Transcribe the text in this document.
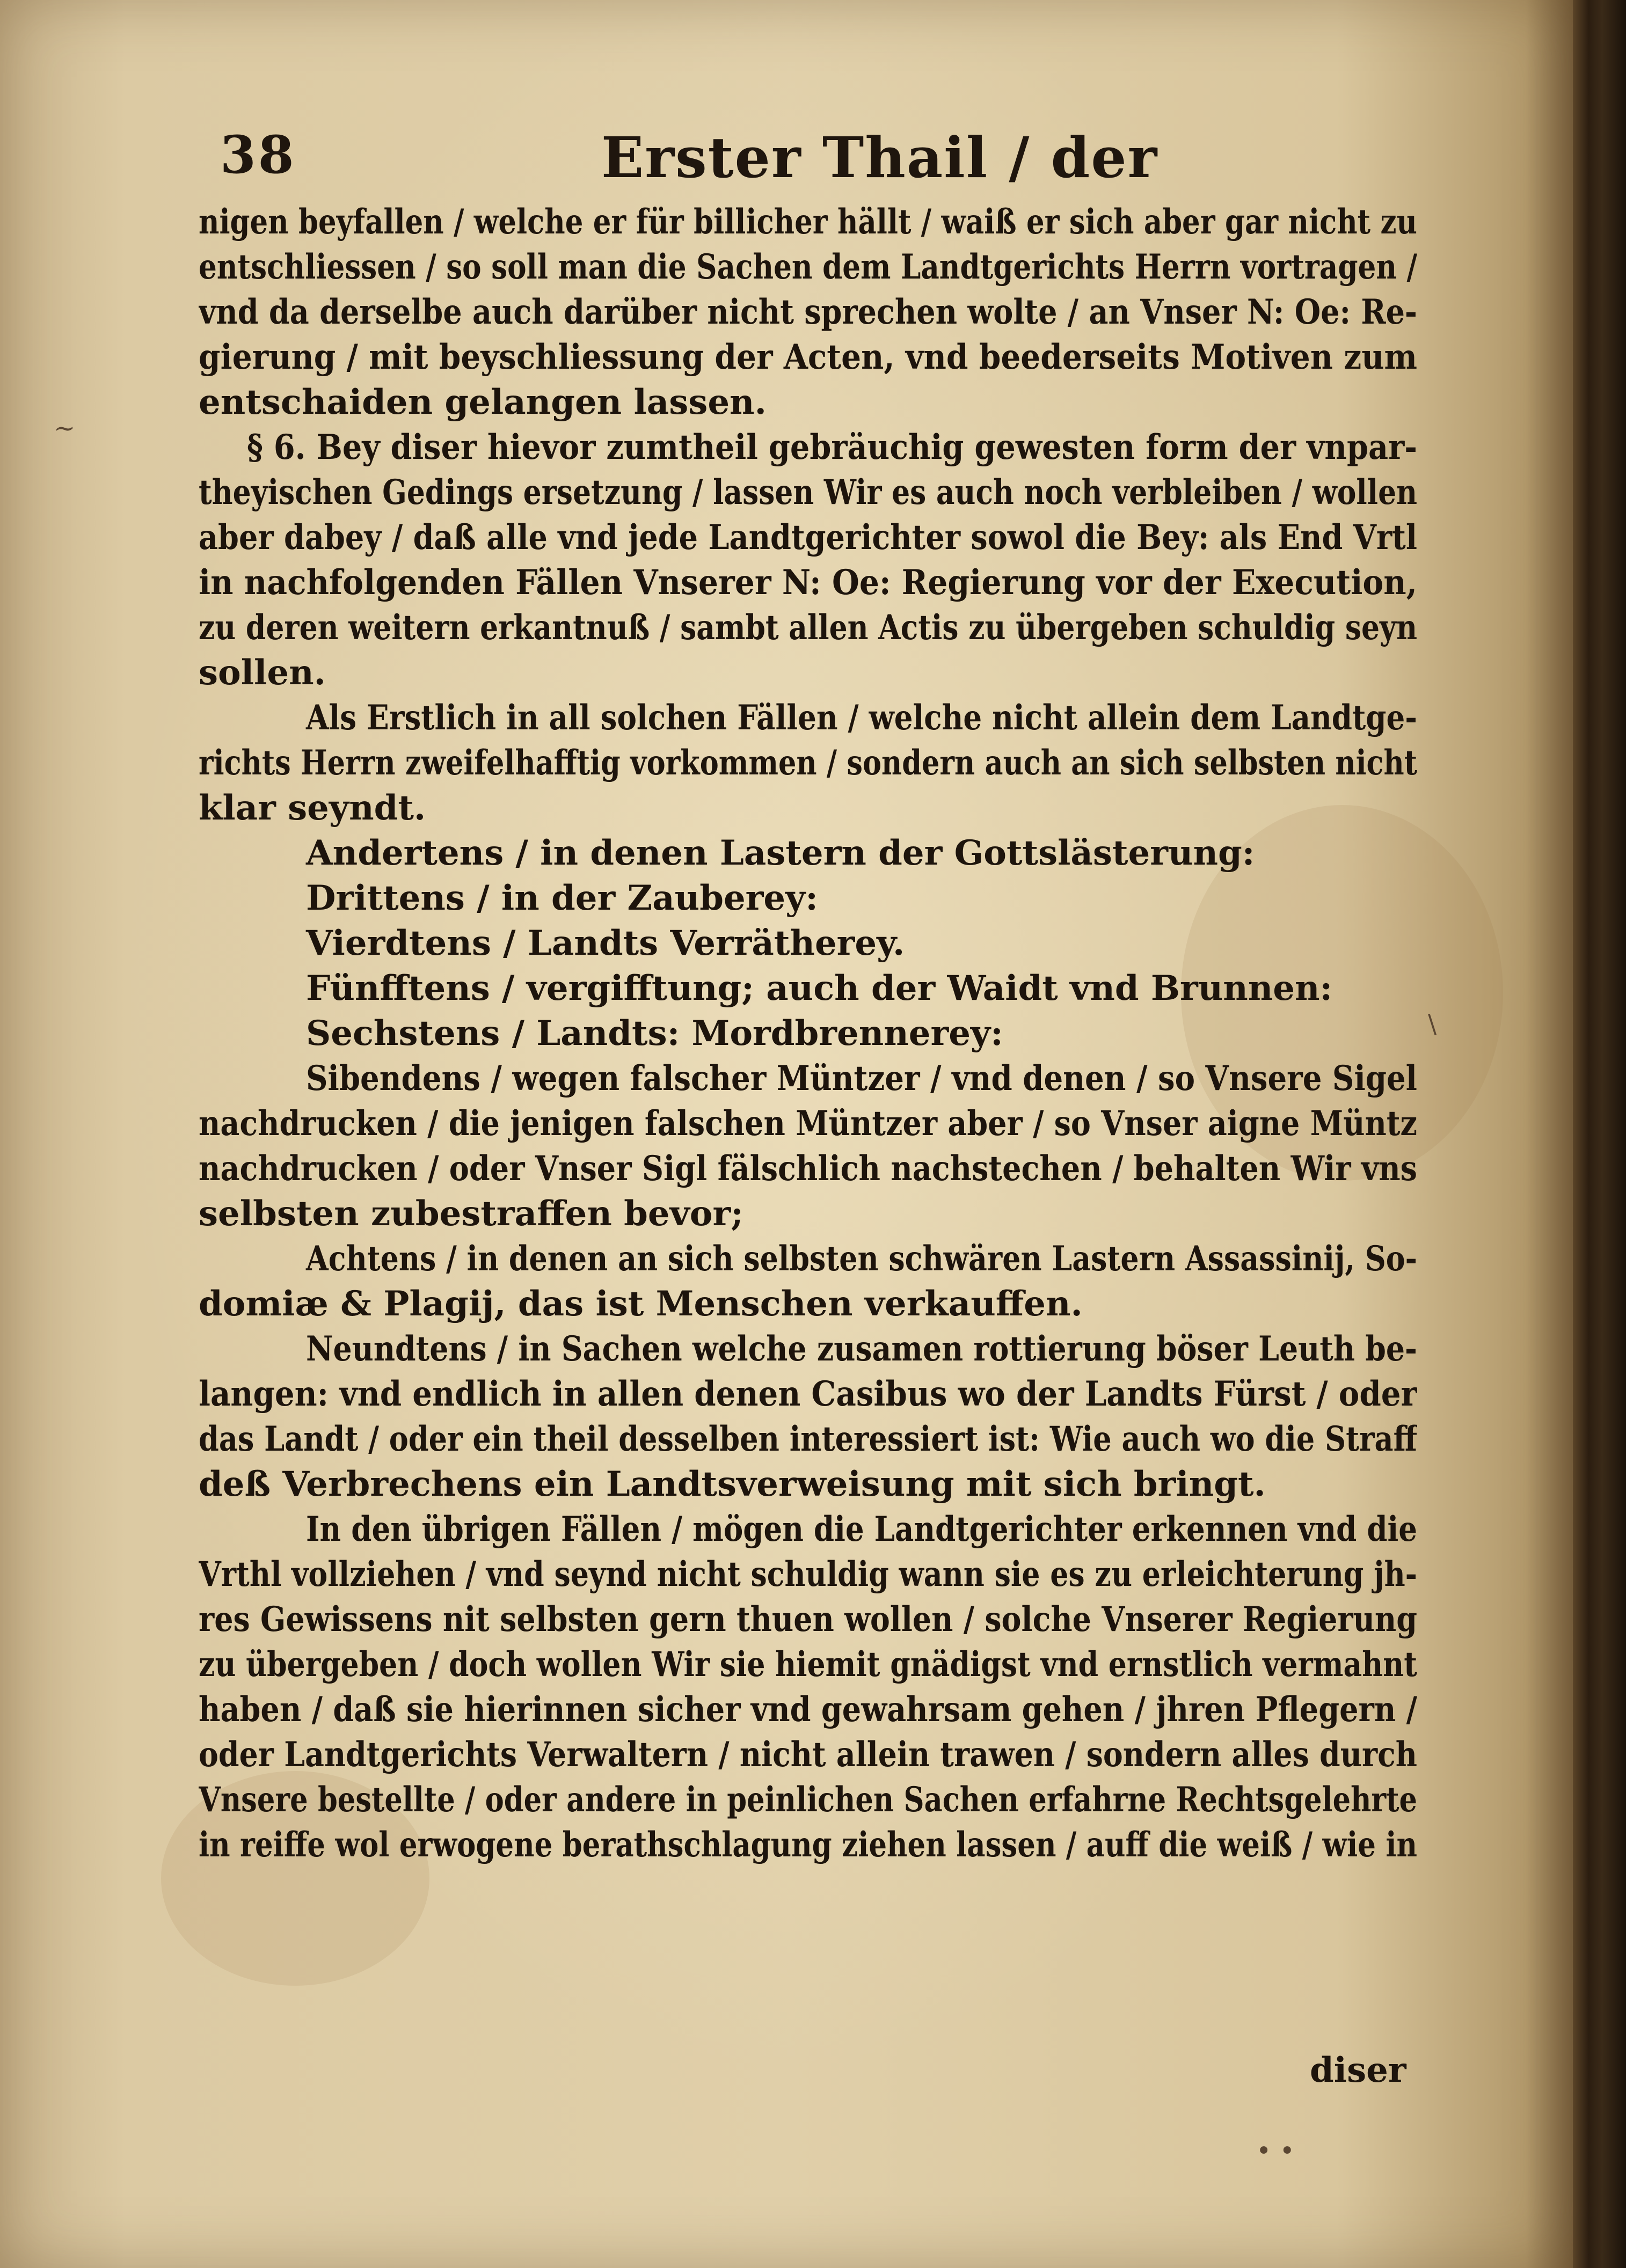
38	Erster Thail / der
nigen beyfallen / welche er für billicher hällt / waiß er sich aber gar nicht zu
entschliessen / so soll man die Sachen dem Landtgerichts Herrn vortragen /
vnd da derselbe auch darüber nicht sprechen wolte / an Vnser N: Oe: Re-
gierung / mit beyschliessung der Acten, vnd beederseits Motiven zum
entschaiden gelangen lassen.
§ 6. Bey diser hievor zumtheil gebräuchig gewesten form der vnpar-
theyischen Gedings ersetzung / lassen Wir es auch noch verbleiben / wollen
aber dabey / daß alle vnd jede Landtgerichter sowol die Bey: als End Vrtl
in nachfolgenden Fällen Vnserer N: Oe: Regierung vor der Execution,
zu deren weitern erkantnuß / sambt allen Actis zu übergeben schuldig seyn
sollen.
Als Erstlich in all solchen Fällen / welche nicht allein dem Landtge-
richts Herrn zweifelhafftig vorkommen / sondern auch an sich selbsten nicht
klar seyndt.
Andertens / in denen Lastern der Gottslästerung:
Drittens / in der Zauberey:
Vierdtens / Landts Verrätherey.
Fünfftens / vergifftung; auch der Waidt vnd Brunnen:
Sechstens / Landts: Mordbrennerey:
Sibendens / wegen falscher Müntzer / vnd denen / so Vnsere Sigel
nachdrucken / die jenigen falschen Müntzer aber / so Vnser aigne Müntz
nachdrucken / oder Vnser Sigl fälschlich nachstechen / behalten Wir vns
selbsten zubestraffen bevor;
Achtens / in denen an sich selbsten schwären Lastern Assassinij, So-
domiæ & Plagij, das ist Menschen verkauffen.
Neundtens / in Sachen welche zusamen rottierung böser Leuth be-
langen: vnd endlich in allen denen Casibus wo der Landts Fürst / oder
das Landt / oder ein theil desselben interessiert ist: Wie auch wo die Straff
deß Verbrechens ein Landtsverweisung mit sich bringt.
In den übrigen Fällen / mögen die Landtgerichter erkennen vnd die
Vrthl vollziehen / vnd seynd nicht schuldig wann sie es zu erleichterung jh-
res Gewissens nit selbsten gern thuen wollen / solche Vnserer Regierung
zu übergeben / doch wollen Wir sie hiemit gnädigst vnd ernstlich vermahnt
haben / daß sie hierinnen sicher vnd gewahrsam gehen / jhren Pflegern /
oder Landtgerichts Verwaltern / nicht allein trawen / sondern alles durch
Vnsere bestellte / oder andere in peinlichen Sachen erfahrne Rechtsgelehrte
in reiffe wol erwogene berathschlagung ziehen lassen / auff die weiß / wie in
diser
~
\
• •
